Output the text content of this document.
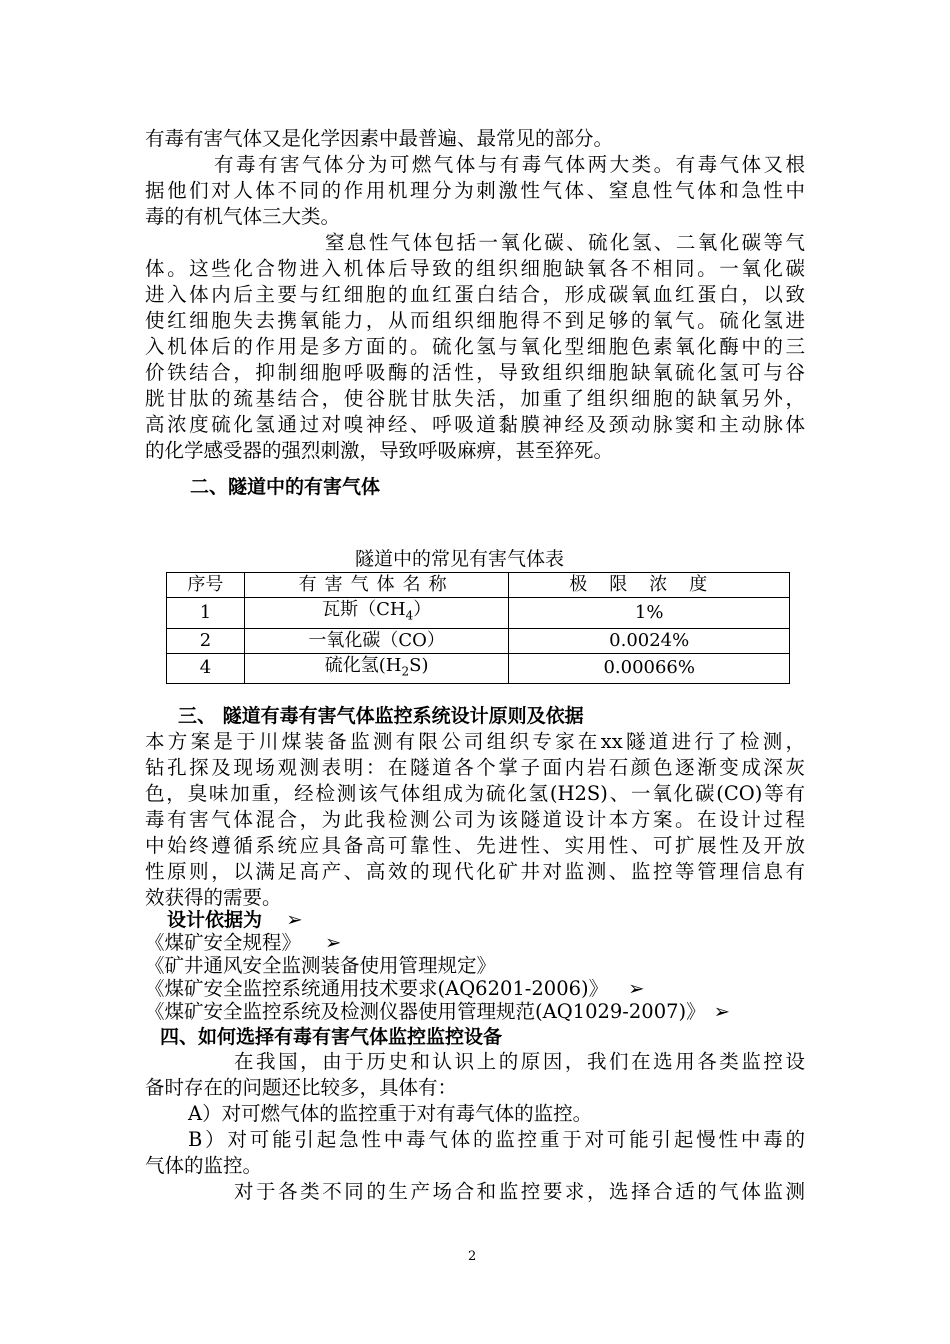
有毒有害气体又是化学因素中最普遍、最常见的部分。
有毒有害气体分为可燃气体与有毒气体两大类。有毒气体又根
据他们对人体不同的作用机理分为刺激性气体、窒息性气体和急性中
毒的有机气体三大类。
窒息性气体包括一氧化碳、硫化氢、二氧化碳等气
体。这些化合物进入机体后导致的组织细胞缺氧各不相同。一氧化碳
进入体内后主要与红细胞的血红蛋白结合，形成碳氧血红蛋白，以致
使红细胞失去携氧能力，从而组织细胞得不到足够的氧气。硫化氢进
入机体后的作用是多方面的。硫化氢与氧化型细胞色素氧化酶中的三
价铁结合，抑制细胞呼吸酶的活性，导致组织细胞缺氧硫化氢可与谷
胱甘肽的巯基结合，使谷胱甘肽失活，加重了组织细胞的缺氧另外，
高浓度硫化氢通过对嗅神经、呼吸道黏膜神经及颈动脉窦和主动脉体
的化学感受器的强烈刺激，导致呼吸麻痹，甚至猝死。
二、隧道中的有害气体
隧道中的常见有害气体表
序号	有害气体名称	极限浓度
1	瓦斯$(CH_4)$	1%
2	一氧化碳（CO）	0.0024%
4	硫化氢$(H_2S)$	0.00066%
三、 隧道有毒有害气体监控系统设计原则及依据
本方案是于川煤装备监测有限公司组织专家在xx隧道进行了检测，
钻孔探及现场观测表明：在隧道各个掌子面内岩石颜色逐渐变成深灰
色，臭味加重，经检测该气体组成为硫化氢(H2S)、一氧化碳(CO)等有
毒有害气体混合，为此我检测公司为该隧道设计本方案。在设计过程
中始终遵循系统应具备高可靠性、先进性、实用性、可扩展性及开放
性原则，以满足高产、高效的现代化矿井对监测、监控等管理信息有
效获得的需要。
设计依据为 ➢
《煤矿安全规程》 ➢
《矿井通风安全监测装备使用管理规定》
《煤矿安全监控系统通用技术要求(AQ6201-2006)》 ➢
《煤矿安全监控系统及检测仪器使用管理规范(AQ1029-2007)》 ➢
四、如何选择有毒有害气体监控监控设备
在我国，由于历史和认识上的原因，我们在选用各类监控设
备时存在的问题还比较多，具体有：
A）对可燃气体的监控重于对有毒气体的监控。
B）对可能引起急性中毒气体的监控重于对可能引起慢性中毒的
气体的监控。
对于各类不同的生产场合和监控要求，选择合适的气体监测
2
